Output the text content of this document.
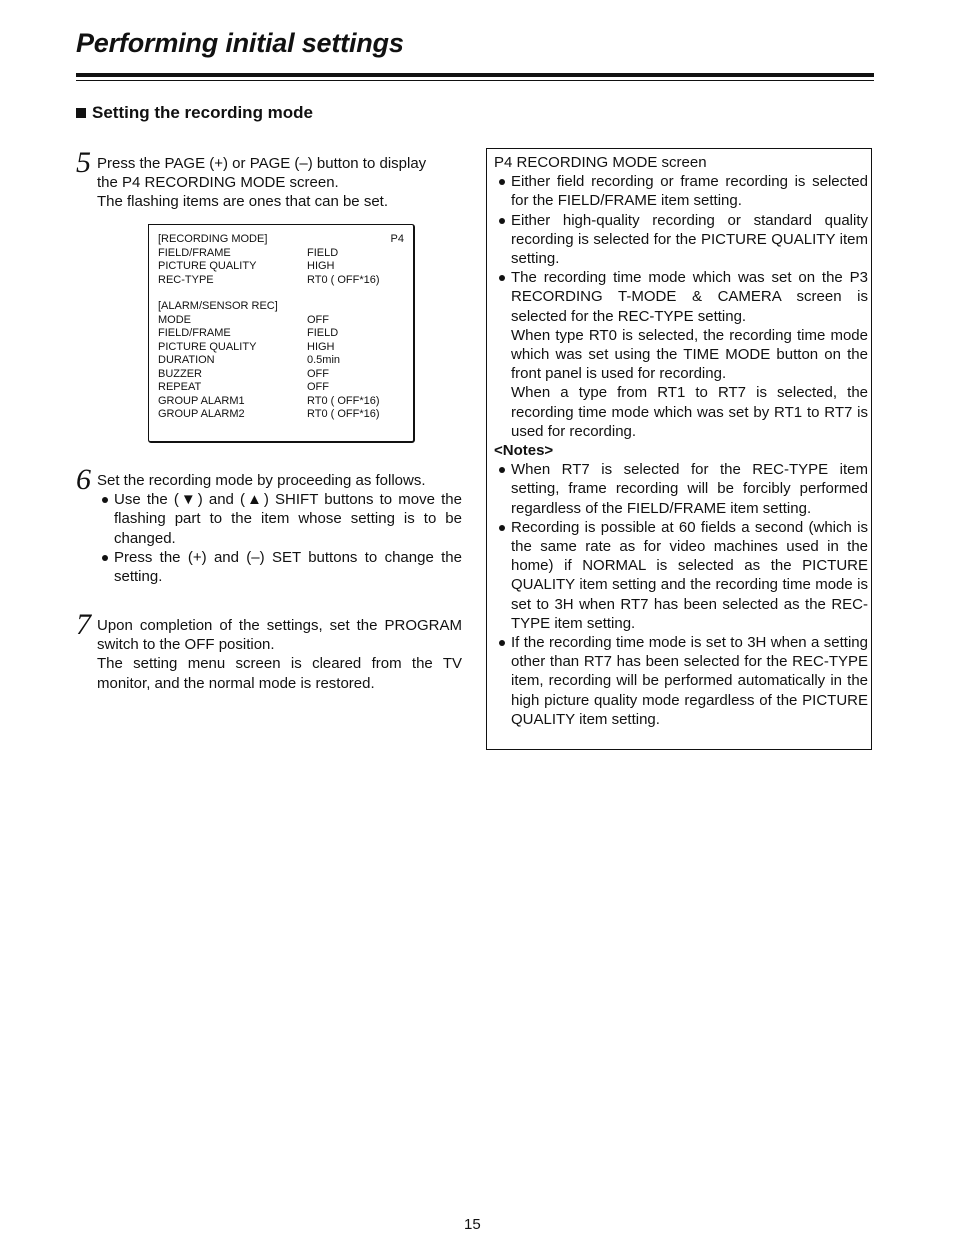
Performing initial settings
Setting the recording mode
5 Press the PAGE (+) or PAGE (–) button to display
the P4 RECORDING MODE screen.
The flashing items are ones that can be set.
[RECORDING MODE]	P4
FIELD/FRAME	FIELD
PICTURE QUALITY	HIGH
REC-TYPE	RT0 ( OFF*16)
[ALARM/SENSOR REC]
MODE	OFF
FIELD/FRAME	FIELD
PICTURE QUALITY	HIGH
DURATION	0.5min
BUZZER	OFF
REPEAT	OFF
GROUP ALARM1	RT0 ( OFF*16)
GROUP ALARM2	RT0 ( OFF*16)
6 Set the recording mode by proceeding as follows.
Use the (▼) and (▲) SHIFT buttons to move the flashing part to the item whose setting is to be changed.
Press the (+) and (–) SET buttons to change the setting.
7 Upon completion of the settings, set the PROGRAM switch to the OFF position.
The setting menu screen is cleared from the TV monitor, and the normal mode is restored.
P4 RECORDING MODE screen
Either field recording or frame recording is selected for the FIELD/FRAME item setting.
Either high-quality recording or standard quality recording is selected for the PICTURE QUALITY item setting.
The recording time mode which was set on the P3 RECORDING T-MODE & CAMERA screen is selected for the REC-TYPE setting.
When type RT0 is selected, the recording time mode which was set using the TIME MODE button on the front panel is used for recording.
When a type from RT1 to RT7 is selected, the recording time mode which was set by RT1 to RT7 is used for recording.
<Notes>
When RT7 is selected for the REC-TYPE item setting, frame recording will be forcibly performed regardless of the FIELD/FRAME item setting.
Recording is possible at 60 fields a second (which is the same rate as for video machines used in the home) if NORMAL is selected as the PICTURE QUALITY item setting and the recording time mode is set to 3H when RT7 has been selected as the REC-TYPE item setting.
If the recording time mode is set to 3H when a setting other than RT7 has been selected for the REC-TYPE item, recording will be performed automatically in the high picture quality mode regardless of the PICTURE QUALITY item setting.
15
